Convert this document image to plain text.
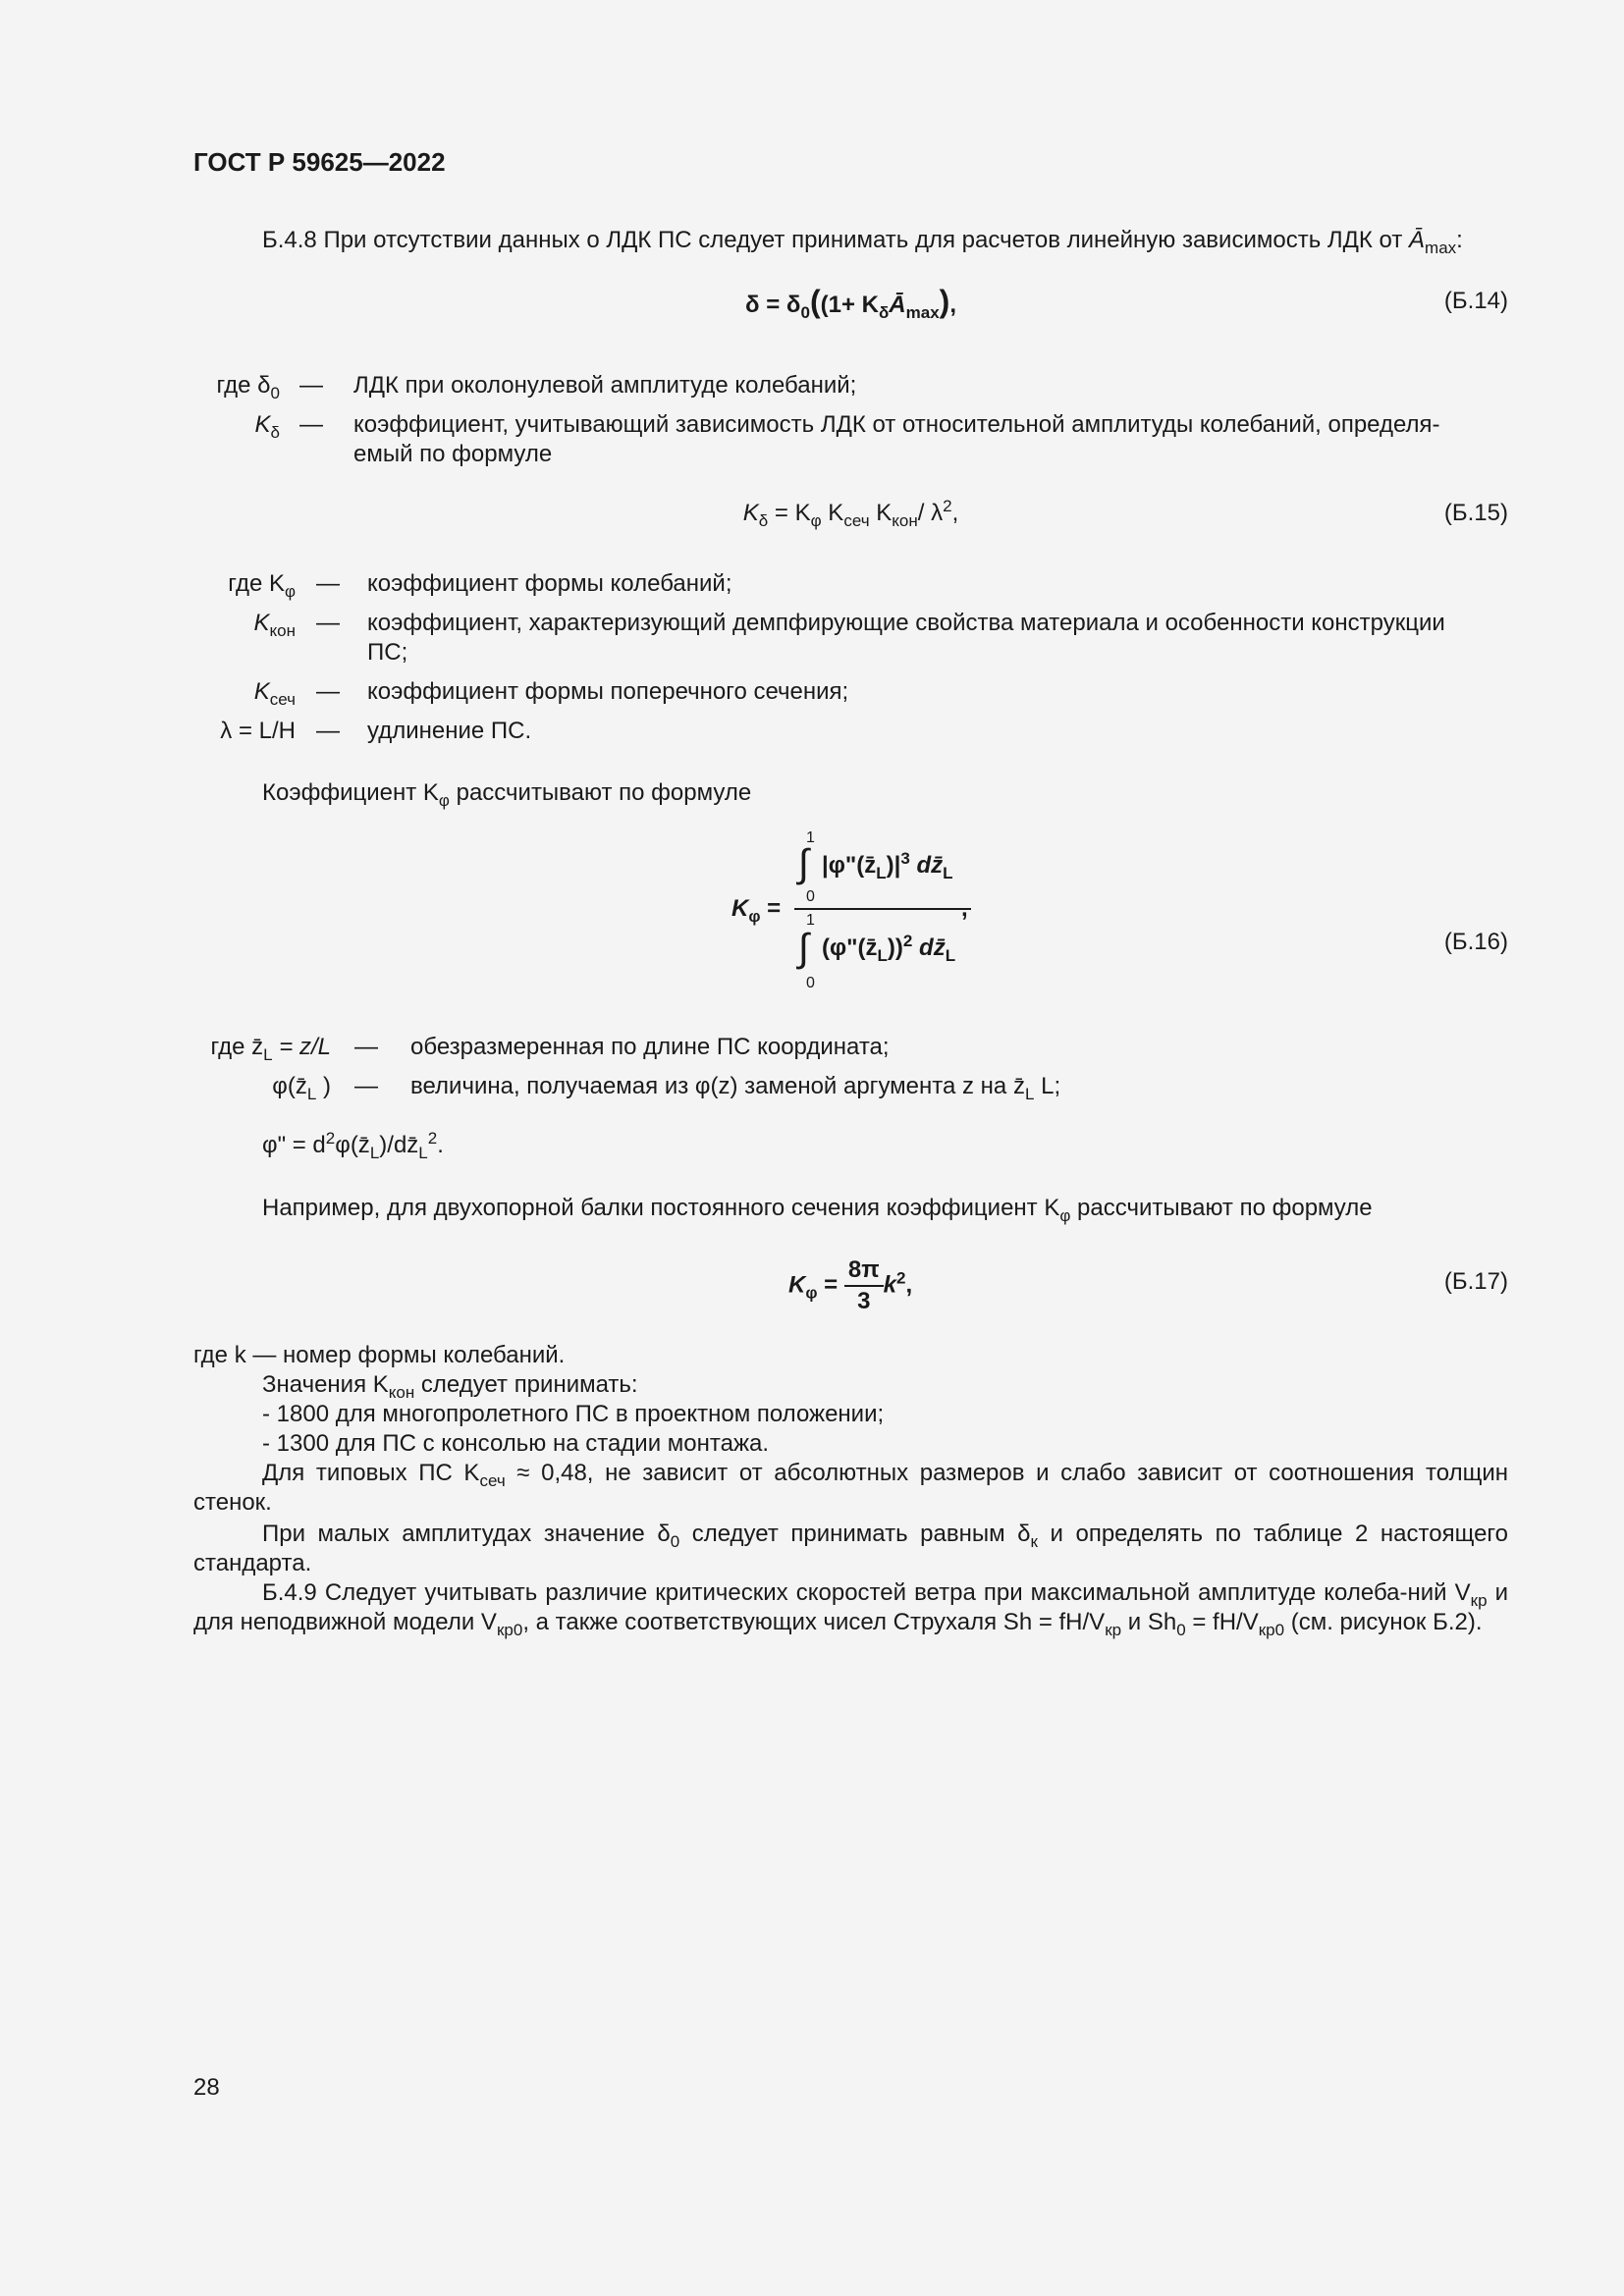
ГОСТ Р 59625—2022
Б.4.8 При отсутствии данных о ЛДК ПС следует принимать для расчетов линейную зависимость ЛДК от $Ā_{max}$:
$\delta = \delta_0((1+$ $K_\delta Ā_{max}$),	(Б.14)
где $\delta_0$ — ЛДК при околонулевой амплитуде колебаний;
$K_\delta$ — коэффициент, учитывающий зависимость ЛДК от относительной амплитуды колебаний, определя-
емый по формуле
$K_\delta = K_\varphi$ $K_{сеч}$ $K_{кон}/$ $\lambda^2$,	(Б.15)
где $K_\varphi$ — коэффициент формы колебаний;
$K_{кон}$ — коэффициент, характеризующий демпфирующие свойства материала и особенности конструкции
ПС;
$K_{сеч}$ — коэффициент формы поперечного сечения;
λ = L/H — удлинение ПС.
Коэффициент $K_\varphi$ рассчитывают по формуле
$K_\varphi$ =
1
∫
0
$|\varphi"(z̄_L)|^3$ $dz̄_L$
1
∫
0
$(\varphi"(z̄_L))^2$ $dz̄_L$
,
(Б.16)
где $z̄_L = z/L$ — обезразмеренная по длине ПС координата;
$\varphi(z̄_L$ ) — величина, получаемая из φ(z) заменой аргумента z на $z̄_L$ L;
φ" = $d^2\varphi(z̄_L)/dz̄_L^2$.
Например, для двухопорной балки постоянного сечения коэффициент $K_\varphi$ рассчитывают по формуле
$K_\varphi = \frac{8\pi}{3} k^2$,	(Б.17)
где k — номер формы колебаний.
Значения $K_{кон}$ следует принимать:
- 1800 для многопролетного ПС в проектном положении;
- 1300 для ПС с консолью на стадии монтажа.
Для типовых ПС $K_{сеч} \approx 0,48$, не зависит от абсолютных размеров и слабо зависит от соотношения толщин стенок.
При малых амплитудах значение $\delta_0$ следует принимать равным $\delta_к$ и определять по таблице 2 настоящего стандарта.
Б.4.9 Следует учитывать различие критических скоростей ветра при максимальной амплитуде колеба-ний $V_{кр}$ и для неподвижной модели $V_{кр0}$, а также соответствующих чисел Струхаля $Sh = fH/V_{кр}$ и $Sh_0 = fH/V_{кр0}$ (см. рисунок Б.2).
28
